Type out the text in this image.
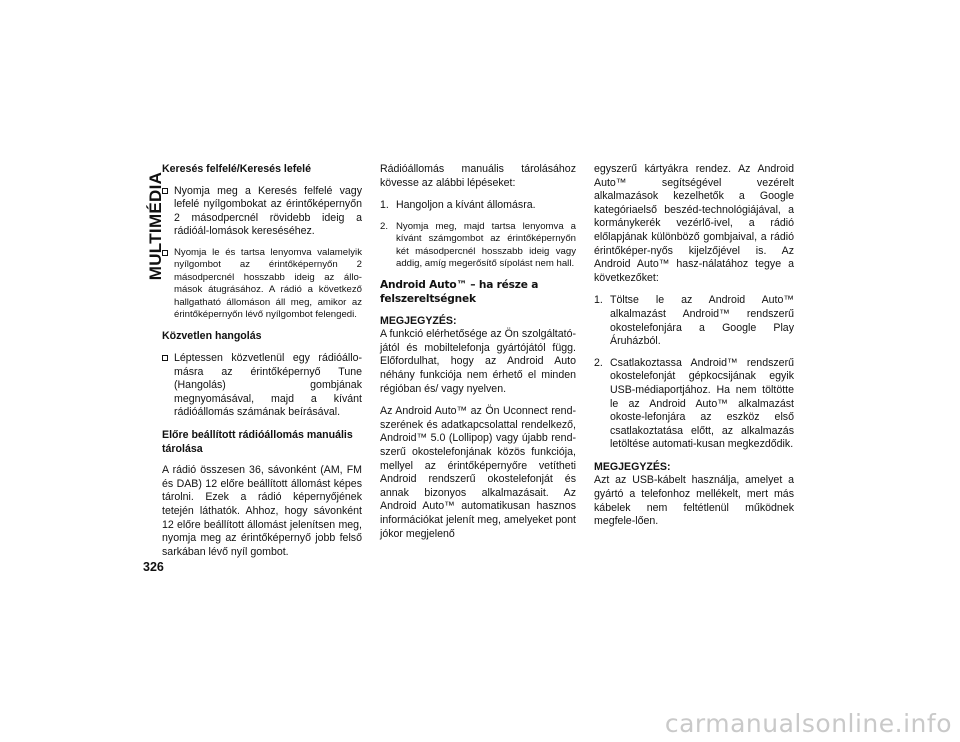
MULTIMÉDIA
Keresés felfelé/Keresés lefelé
Nyomja meg a Keresés felfelé vagy lefelé nyílgombokat az érintőképernyőn 2 másodpercnél rövidebb ideig a rádióál-lomások kereséséhez.
Nyomja le és tartsa lenyomva valamelyik nyílgombot az érintőképernyőn 2 másodpercnél hosszabb ideig az állo-mások átugrásához. A rádió a következő hallgatható állomáson áll meg, amikor az érintőképernyőn lévő nyílgombot felengedi.
Közvetlen hangolás
Léptessen közvetlenül egy rádióállo-másra az érintőképernyő Tune (Hangolás) gombjának megnyomásával, majd a kívánt rádióállomás számának beírásával.
Előre beállított rádióállomás manuális tárolása

A rádió összesen 36, sávonként (AM, FM és DAB) 12 előre beállított állomást képes tárolni. Ezek a rádió képernyőjének tetején láthatók. Ahhoz, hogy sávonként 12 előre beállított állomást jelenítsen meg, nyomja meg az érintőképernyő jobb felső sarkában lévő nyíl gombot.

Rádióállomás manuális tárolásához kövesse az alábbi lépéseket:

1. Hangoljon a kívánt állomásra.
2. Nyomja meg, majd tartsa lenyomva a kívánt számgombot az érintőképernyőn két másodpercnél hosszabb ideig vagy addig, amíg megerősítő sípolást nem hall.
Android Auto™ – ha része a felszereltségnek
MEGJEGYZÉS:

A funkció elérhetősége az Ön szolgáltató-jától és mobiltelefonja gyártójától függ. Előfordulhat, hogy az Android Auto néhány funkciója nem érhető el minden régióban és/ vagy nyelven.

Az Android Auto™ az Ön Uconnect rend-szerének és adatkapcsolattal rendelkező, Android™ 5.0 (Lollipop) vagy újabb rend-szerű okostelefonjának közös funkciója, mellyel az érintőképernyőre vetítheti Android rendszerű okostelefonját és annak bizonyos alkalmazásait. Az Android Auto™ automatikusan hasznos információkat jelenít meg, amelyeket pont jókor megjelenő

egyszerű kártyákra rendez. Az Android Auto™ segítségével vezérelt alkalmazások kezelhetők a Google kategóriaelső beszéd-technológiájával, a kormánykerék vezérlő-ivel, a rádió előlapjának különböző gombjaival, a rádió érintőképer-nyős kijelzőjével is. Az Android Auto™ hasz-nálatához tegye a következőket:

1. Töltse le az Android Auto™ alkalmazást Android™ rendszerű okostelefonjára a Google Play Áruházból.
2. Csatlakoztassa Android™ rendszerű okostelefonját gépkocsijának egyik USB-médiaportjához. Ha nem töltötte le az Android Auto™ alkalmazást okoste-lefonjára az eszköz első csatlakoztatása előtt, az alkalmazás letöltése automati-kusan megkezdődik.
MEGJEGYZÉS:

Azt az USB-kábelt használja, amelyet a gyártó a telefonhoz mellékelt, mert más kábelek nem feltétlenül működnek megfele-lően.

326
carmanualsonline.info
